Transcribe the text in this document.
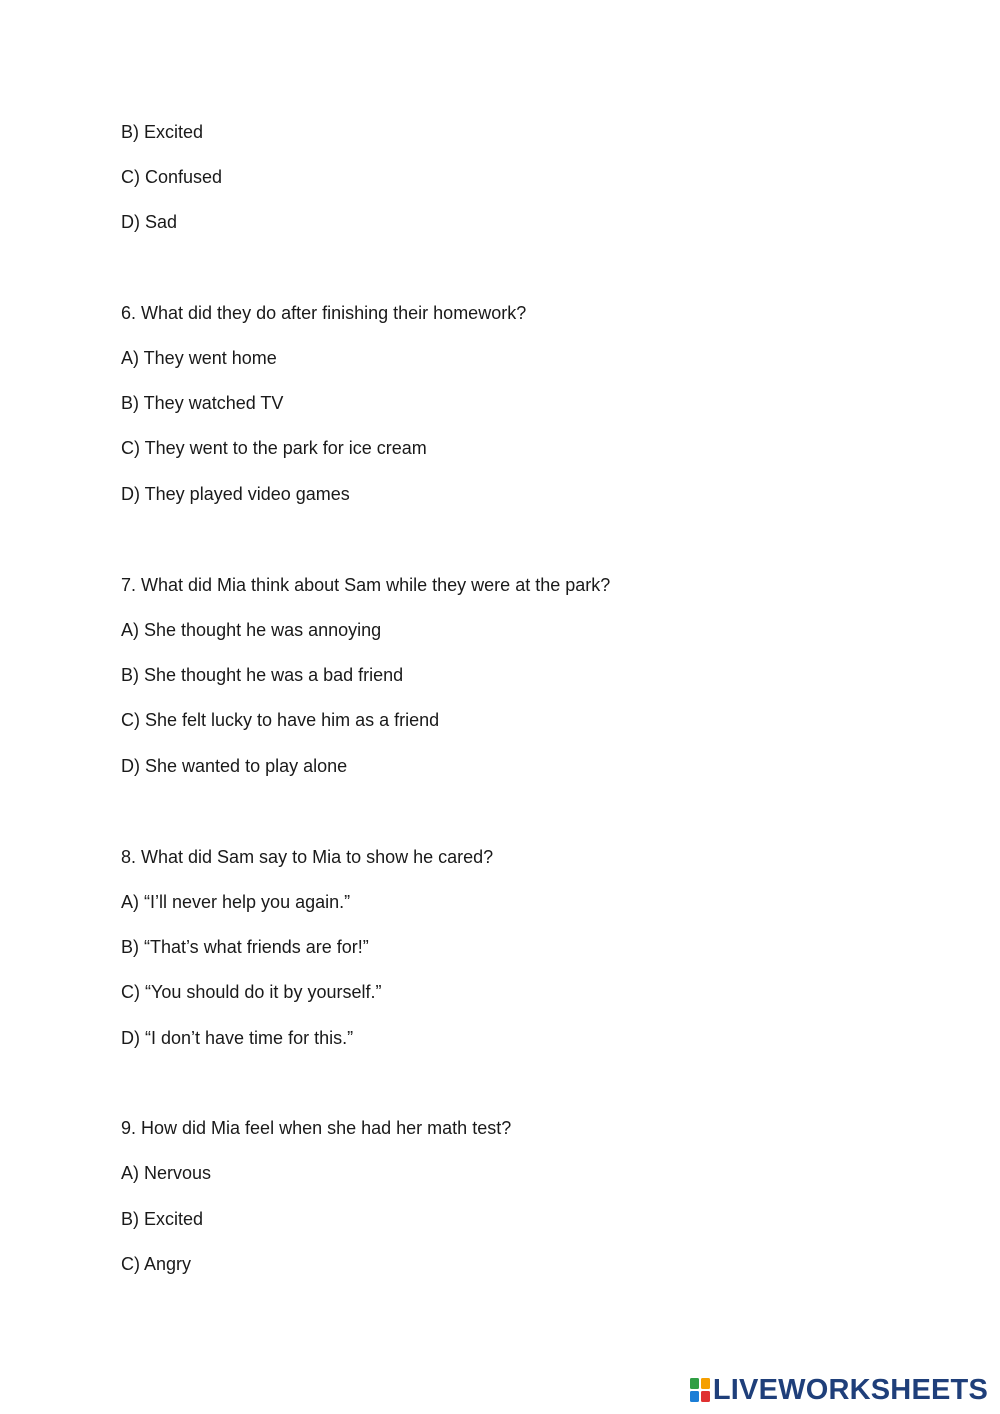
B) Excited
C) Confused
D) Sad
6. What did they do after finishing their homework?
A) They went home
B) They watched TV
C) They went to the park for ice cream
D) They played video games
7. What did Mia think about Sam while they were at the park?
A) She thought he was annoying
B) She thought he was a bad friend
C) She felt lucky to have him as a friend
D) She wanted to play alone
8. What did Sam say to Mia to show he cared?
A) “I’ll never help you again.”
B) “That’s what friends are for!”
C) “You should do it by yourself.”
D) “I don’t have time for this.”
9. How did Mia feel when she had her math test?
A) Nervous
B) Excited
C) Angry
LIVEWORKSHEETS
